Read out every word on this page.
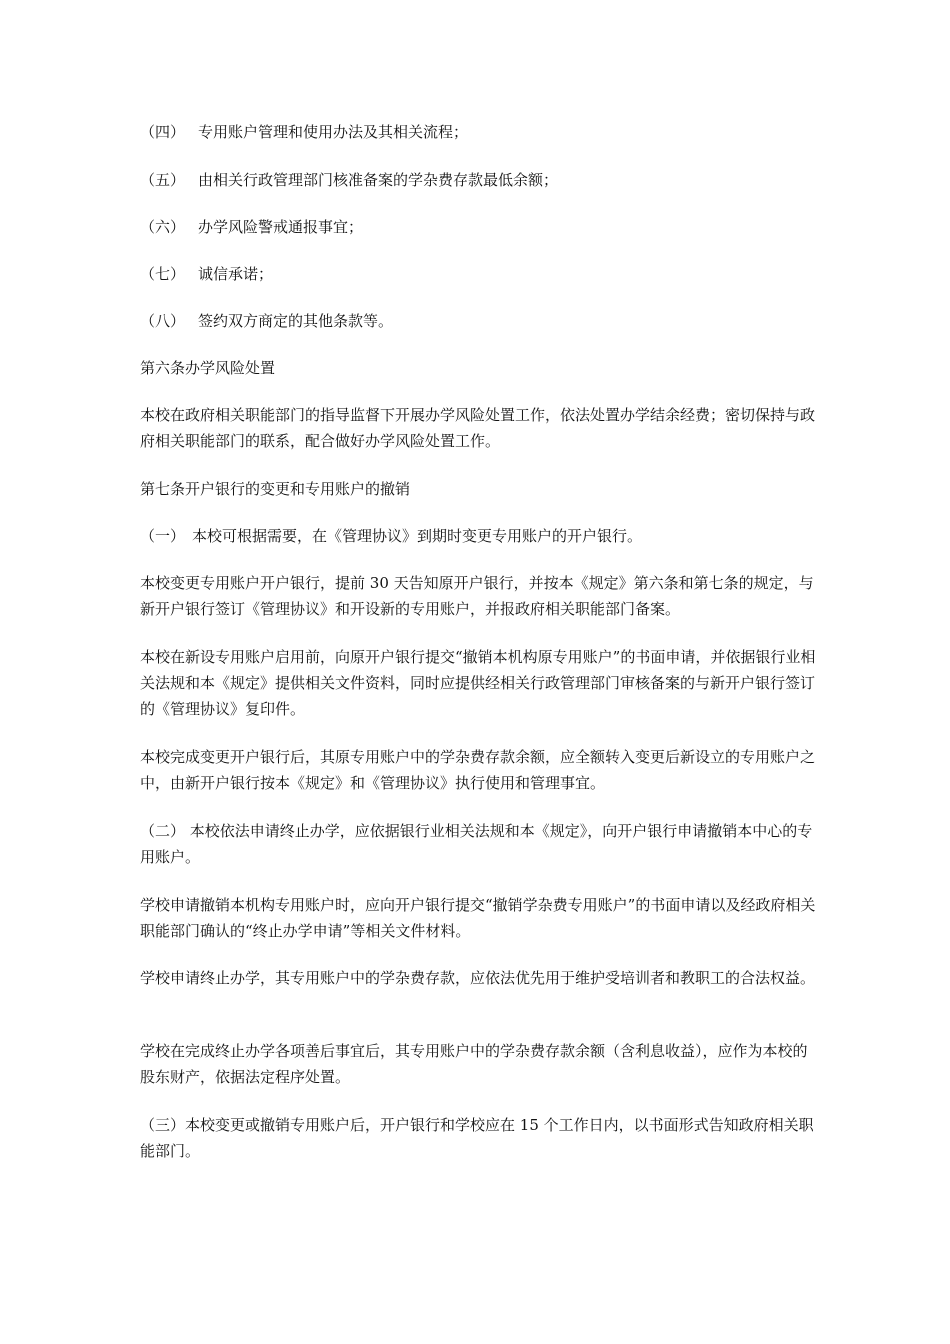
（四） 专用账户管理和使用办法及其相关流程；
（五） 由相关行政管理部门核准备案的学杂费存款最低余额；
（六） 办学风险警戒通报事宜；
（七） 诚信承诺；
（八） 签约双方商定的其他条款等。
第六条办学风险处置
本校在政府相关职能部门的指导监督下开展办学风险处置工作，依法处置办学结余经费；密切保持与政府相关职能部门的联系，配合做好办学风险处置工作。
第七条开户银行的变更和专用账户的撤销
（一） 本校可根据需要，在《管理协议》到期时变更专用账户的开户银行。
本校变更专用账户开户银行，提前 30 天告知原开户银行，并按本《规定》第六条和第七条的规定，与新开户银行签订《管理协议》和开设新的专用账户，并报政府相关职能部门备案。
本校在新设专用账户启用前，向原开户银行提交“撤销本机构原专用账户”的书面申请，并依据银行业相关法规和本《规定》提供相关文件资料，同时应提供经相关行政管理部门审核备案的与新开户银行签订的《管理协议》复印件。
本校完成变更开户银行后，其原专用账户中的学杂费存款余额，应全额转入变更后新设立的专用账户之中，由新开户银行按本《规定》和《管理协议》执行使用和管理事宜。
（二） 本校依法申请终止办学，应依据银行业相关法规和本《规定》，向开户银行申请撤销本中心的专用账户。
学校申请撤销本机构专用账户时，应向开户银行提交“撤销学杂费专用账户”的书面申请以及经政府相关职能部门确认的“终止办学申请”等相关文件材料。
学校申请终止办学，其专用账户中的学杂费存款，应依法优先用于维护受培训者和教职工的合法权益。
学校在完成终止办学各项善后事宜后，其专用账户中的学杂费存款余额（含利息收益），应作为本校的股东财产，依据法定程序处置。
（三）本校变更或撤销专用账户后，开户银行和学校应在 15 个工作日内，以书面形式告知政府相关职能部门。
